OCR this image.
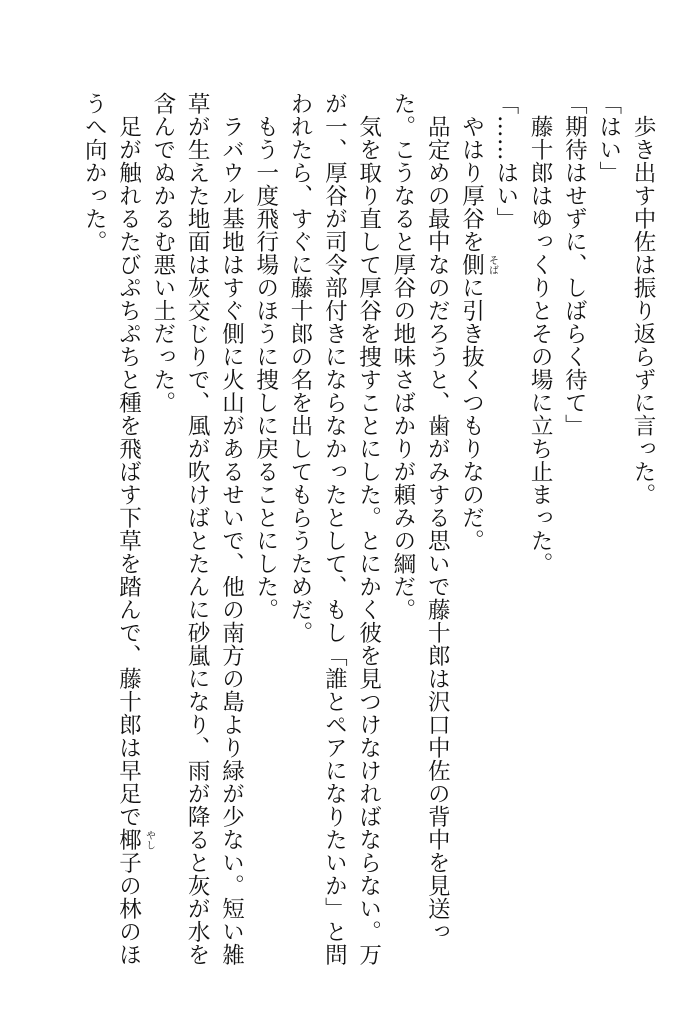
　歩き出す中佐は振り返らずに言った。
「はい」
「期待はせずに、しばらく待て」
　藤十郎はゆっくりとその場に立ち止まった。
「……はい」
　やはり厚谷を側 そば
に引き抜くつもりなのだ。
　品定めの最中なのだろうと、歯がみする思いで藤十郎は沢口中佐の背中を見送った。こうなると厚谷の地味さばかりが頼みの綱だ。
　気を取り直して厚谷を捜すことにした。とにかく彼を見つけなければならない。万が一、厚谷が司令部付きにならなかったとして、もし「誰とペアになりたいか」と問われたら、すぐに藤十郎の名を出してもらうためだ。
　もう一度飛行場のほうに捜しに戻ることにした。
　ラバウル基地はすぐ側に火山があるせいで、他の南方の島より緑が少ない。短い雑草が生えた地面は灰交じりで、風が吹けばとたんに砂嵐になり、雨が降ると灰が水を含んでぬかるむ悪い土だった。
　足が触れるたびぷちぷちと種を飛ばす下草を踏んで、藤十郎は早足で椰子 やし
の林のほうへ向かった。
